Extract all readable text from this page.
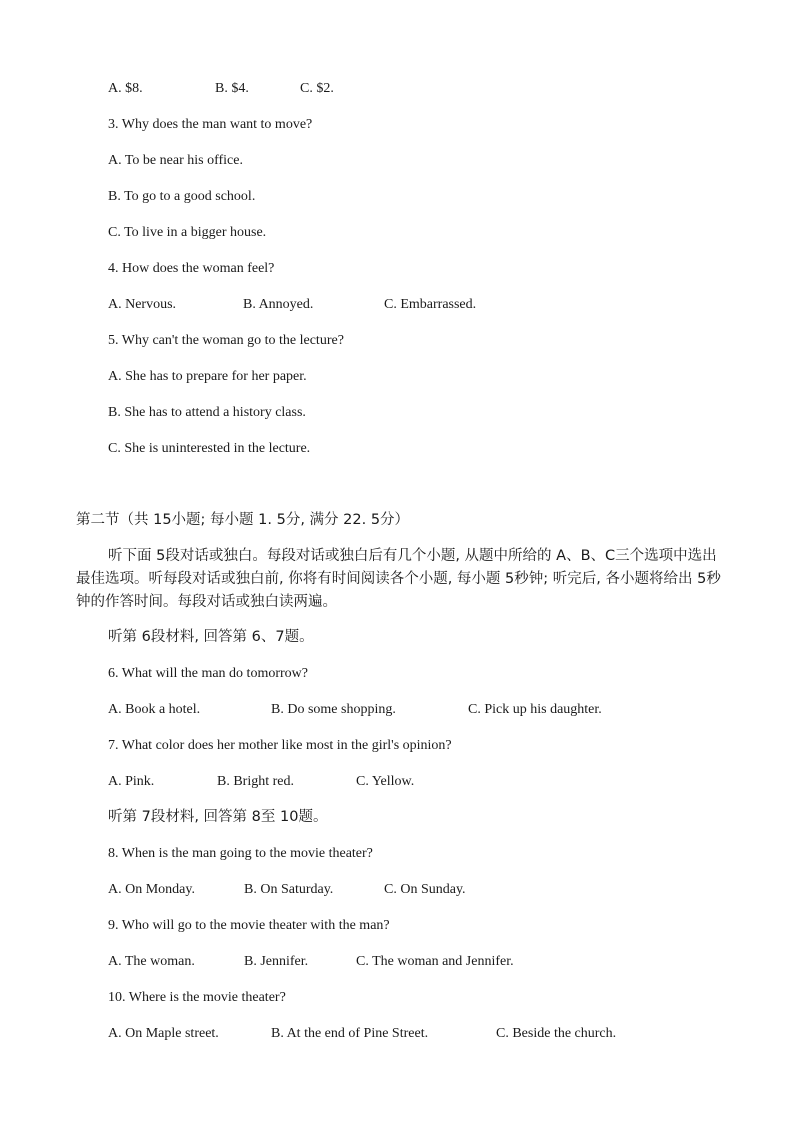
A. $8.	B. $4.	C. $2.
3. Why does the man want to move?
A. To be near his office.
B. To go to a good school.
C. To live in a bigger house.
4. How does the woman feel?
A. Nervous.	B. Annoyed.	C. Embarrassed.
5. Why can't the woman go to the lecture?
A. She has to prepare for her paper.
B. She has to attend a history class.
C. She is uninterested in the lecture.
第二节（共 15小题; 每小题 1. 5分, 满分 22. 5分）
听下面 5段对话或独白。每段对话或独白后有几个小题, 从题中所给的 A、B、C三个选项中选出最佳选项。听每段对话或独白前, 你将有时间阅读各个小题, 每小题 5秒钟; 听完后, 各小题将给出 5秒钟的作答时间。每段对话或独白读两遍。
听第 6段材料, 回答第 6、7题。
6. What will the man do tomorrow?
A. Book a hotel.	B. Do some shopping.	C. Pick up his daughter.
7. What color does her mother like most in the girl's opinion?
A. Pink.	B. Bright red.	C. Yellow.
听第 7段材料, 回答第 8至 10题。
8. When is the man going to the movie theater?
A. On Monday.	B. On Saturday.	C. On Sunday.
9. Who will go to the movie theater with the man?
A. The woman.	B. Jennifer.	C. The woman and Jennifer.
10. Where is the movie theater?
A. On Maple street.	B. At the end of Pine Street.	C. Beside the church.
